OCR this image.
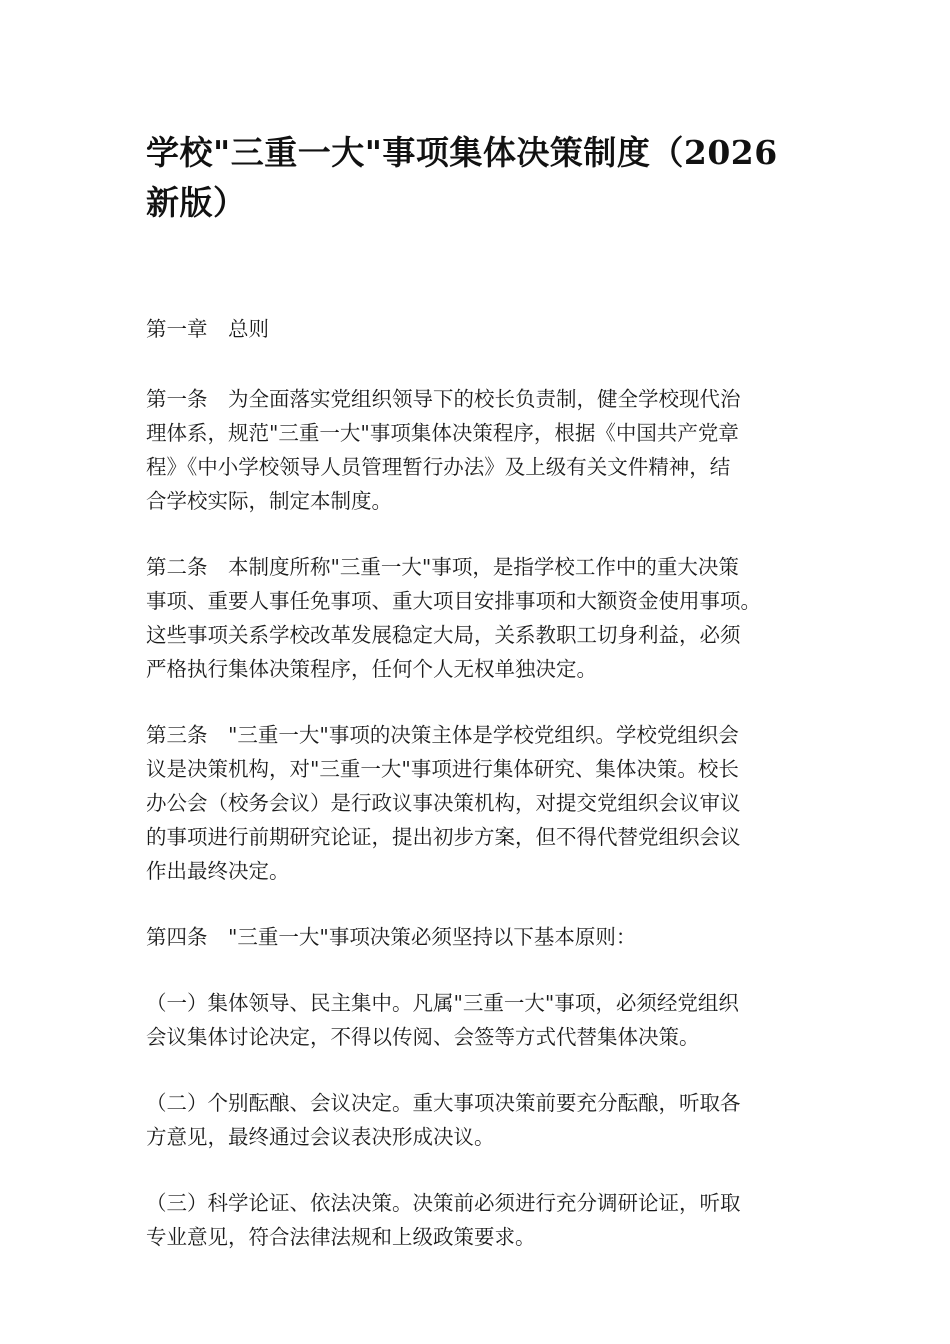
学校"三重一大"事项集体决策制度（2026
新版）

第一章　总则

第一条　为全面落实党组织领导下的校长负责制，健全学校现代治
理体系，规范"三重一大"事项集体决策程序，根据《中国共产党章
程》《中小学校领导人员管理暂行办法》及上级有关文件精神，结
合学校实际，制定本制度。

第二条　本制度所称"三重一大"事项，是指学校工作中的重大决策
事项、重要人事任免事项、重大项目安排事项和大额资金使用事项。
这些事项关系学校改革发展稳定大局，关系教职工切身利益，必须
严格执行集体决策程序，任何个人无权单独决定。

第三条　"三重一大"事项的决策主体是学校党组织。学校党组织会
议是决策机构，对"三重一大"事项进行集体研究、集体决策。校长
办公会（校务会议）是行政议事决策机构，对提交党组织会议审议
的事项进行前期研究论证，提出初步方案，但不得代替党组织会议
作出最终决定。

第四条　"三重一大"事项决策必须坚持以下基本原则：

（一）集体领导、民主集中。凡属"三重一大"事项，必须经党组织
会议集体讨论决定，不得以传阅、会签等方式代替集体决策。

（二）个别酝酿、会议决定。重大事项决策前要充分酝酿，听取各
方意见，最终通过会议表决形成决议。

（三）科学论证、依法决策。决策前必须进行充分调研论证，听取
专业意见，符合法律法规和上级政策要求。
